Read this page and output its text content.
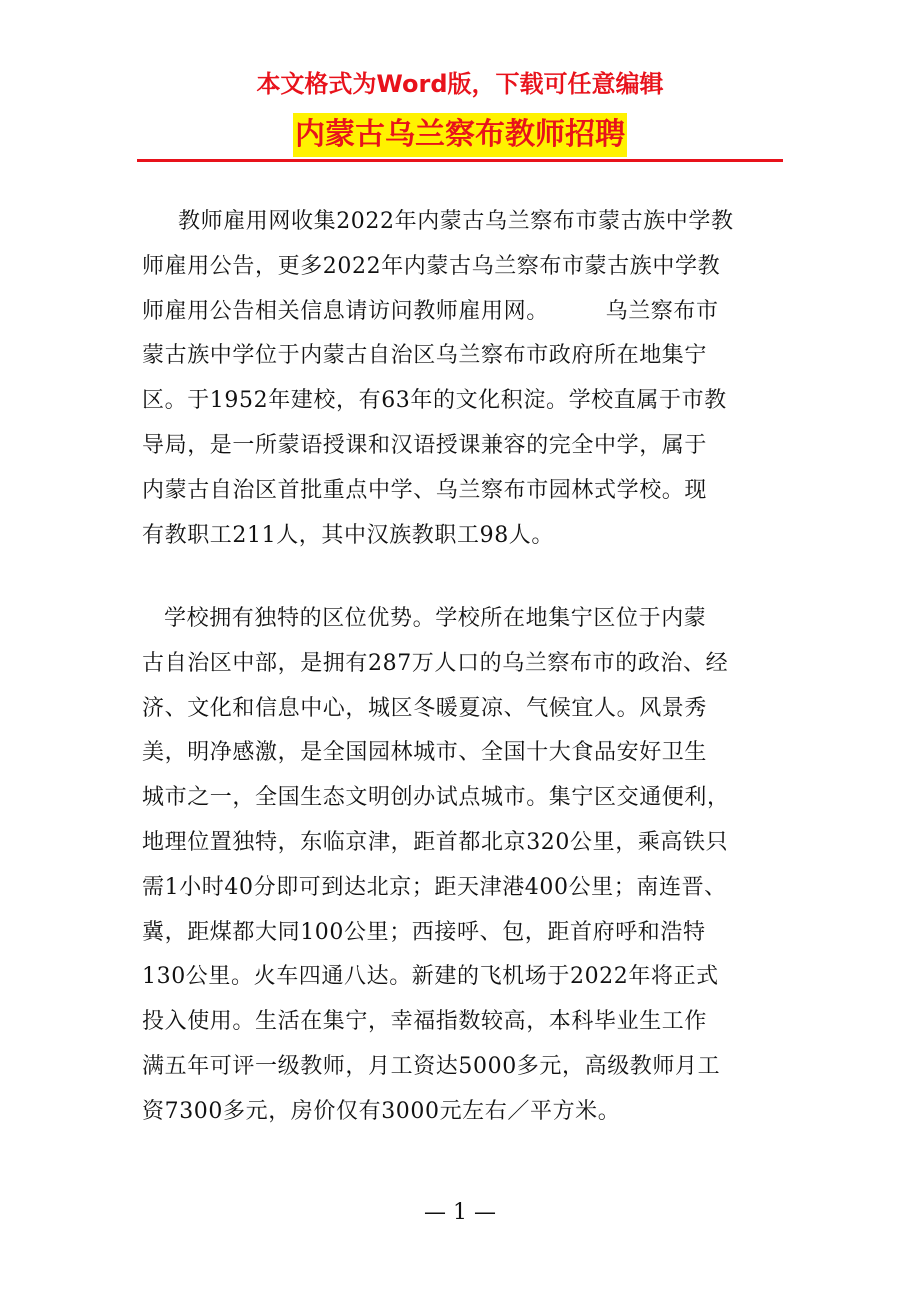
本文格式为Word版，下载可任意编辑
内蒙古乌兰察布教师招聘
教师雇用网收集2022年内蒙古乌兰察布市蒙古族中学教
师雇用公告，更多2022年内蒙古乌兰察布市蒙古族中学教
师雇用公告相关信息请访问教师雇用网。　　　乌兰察布市
蒙古族中学位于内蒙古自治区乌兰察布市政府所在地集宁
区。于1952年建校，有63年的文化积淀。学校直属于市教
导局，是一所蒙语授课和汉语授课兼容的完全中学，属于
内蒙古自治区首批重点中学、乌兰察布市园林式学校。现
有教职工211人，其中汉族教职工98人。
学校拥有独特的区位优势。学校所在地集宁区位于内蒙
古自治区中部，是拥有287万人口的乌兰察布市的政治、经
济、文化和信息中心，城区冬暖夏凉、气候宜人。风景秀
美，明净感激，是全国园林城市、全国十大食品安好卫生
城市之一，全国生态文明创办试点城市。集宁区交通便利，
地理位置独特，东临京津，距首都北京320公里，乘高铁只
需1小时40分即可到达北京；距天津港400公里；南连晋、
冀，距煤都大同100公里；西接呼、包，距首府呼和浩特
130公里。火车四通八达。新建的飞机场于2022年将正式
投入使用。生活在集宁，幸福指数较高，本科毕业生工作
满五年可评一级教师，月工资达5000多元，高级教师月工
资7300多元，房价仅有3000元左右／平方米。
— 1 —
